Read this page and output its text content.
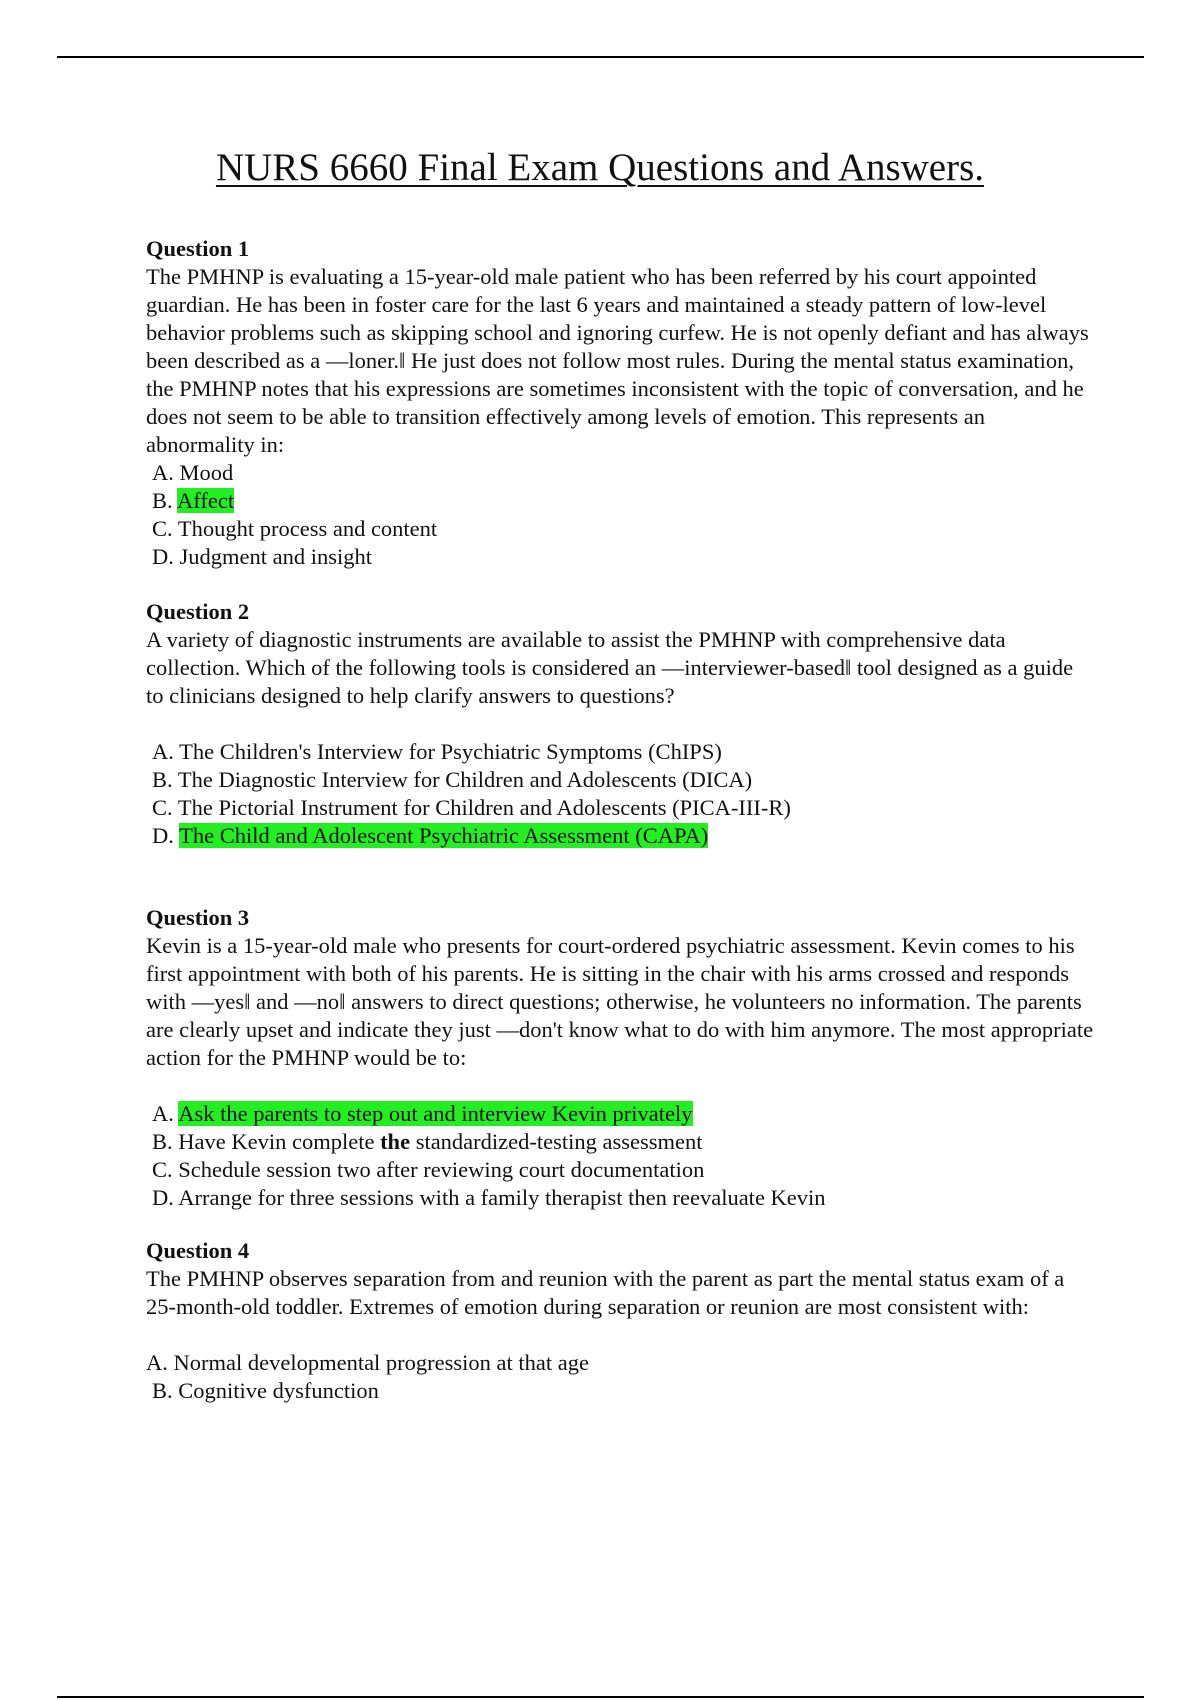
NURS 6660 Final Exam Questions and Answers.

Question 1

The PMHNP is evaluating a 15-year-old male patient who has been referred by his court appointed guardian. He has been in foster care for the last 6 years and maintained a steady pattern of low-level behavior problems such as skipping school and ignoring curfew. He is not openly defiant and has always been described as a —loner.‖ He just does not follow most rules. During the mental status examination, the PMHNP notes that his expressions are sometimes inconsistent with the topic of conversation, and he does not seem to be able to transition effectively among levels of emotion. This represents an abnormality in:

A. Mood
B. Affect
C. Thought process and content
D. Judgment and insight

Question 2

A variety of diagnostic instruments are available to assist the PMHNP with comprehensive data collection. Which of the following tools is considered an —interviewer-based‖ tool designed as a guide to clinicians designed to help clarify answers to questions?

A. The Children's Interview for Psychiatric Symptoms (ChIPS)
B. The Diagnostic Interview for Children and Adolescents (DICA)
C. The Pictorial Instrument for Children and Adolescents (PICA-III-R)
D. The Child and Adolescent Psychiatric Assessment (CAPA)

Question 3

Kevin is a 15-year-old male who presents for court-ordered psychiatric assessment. Kevin comes to his first appointment with both of his parents. He is sitting in the chair with his arms crossed and responds with —yes‖ and —no‖ answers to direct questions; otherwise, he volunteers no information. The parents are clearly upset and indicate they just —don't know what to do with him anymore. The most appropriate action for the PMHNP would be to:

A. Ask the parents to step out and interview Kevin privately
B. Have Kevin complete the standardized-testing assessment
C. Schedule session two after reviewing court documentation
D. Arrange for three sessions with a family therapist then reevaluate Kevin

Question 4

The PMHNP observes separation from and reunion with the parent as part the mental status exam of a 25-month-old toddler. Extremes of emotion during separation or reunion are most consistent with:

A. Normal developmental progression at that age
B. Cognitive dysfunction
